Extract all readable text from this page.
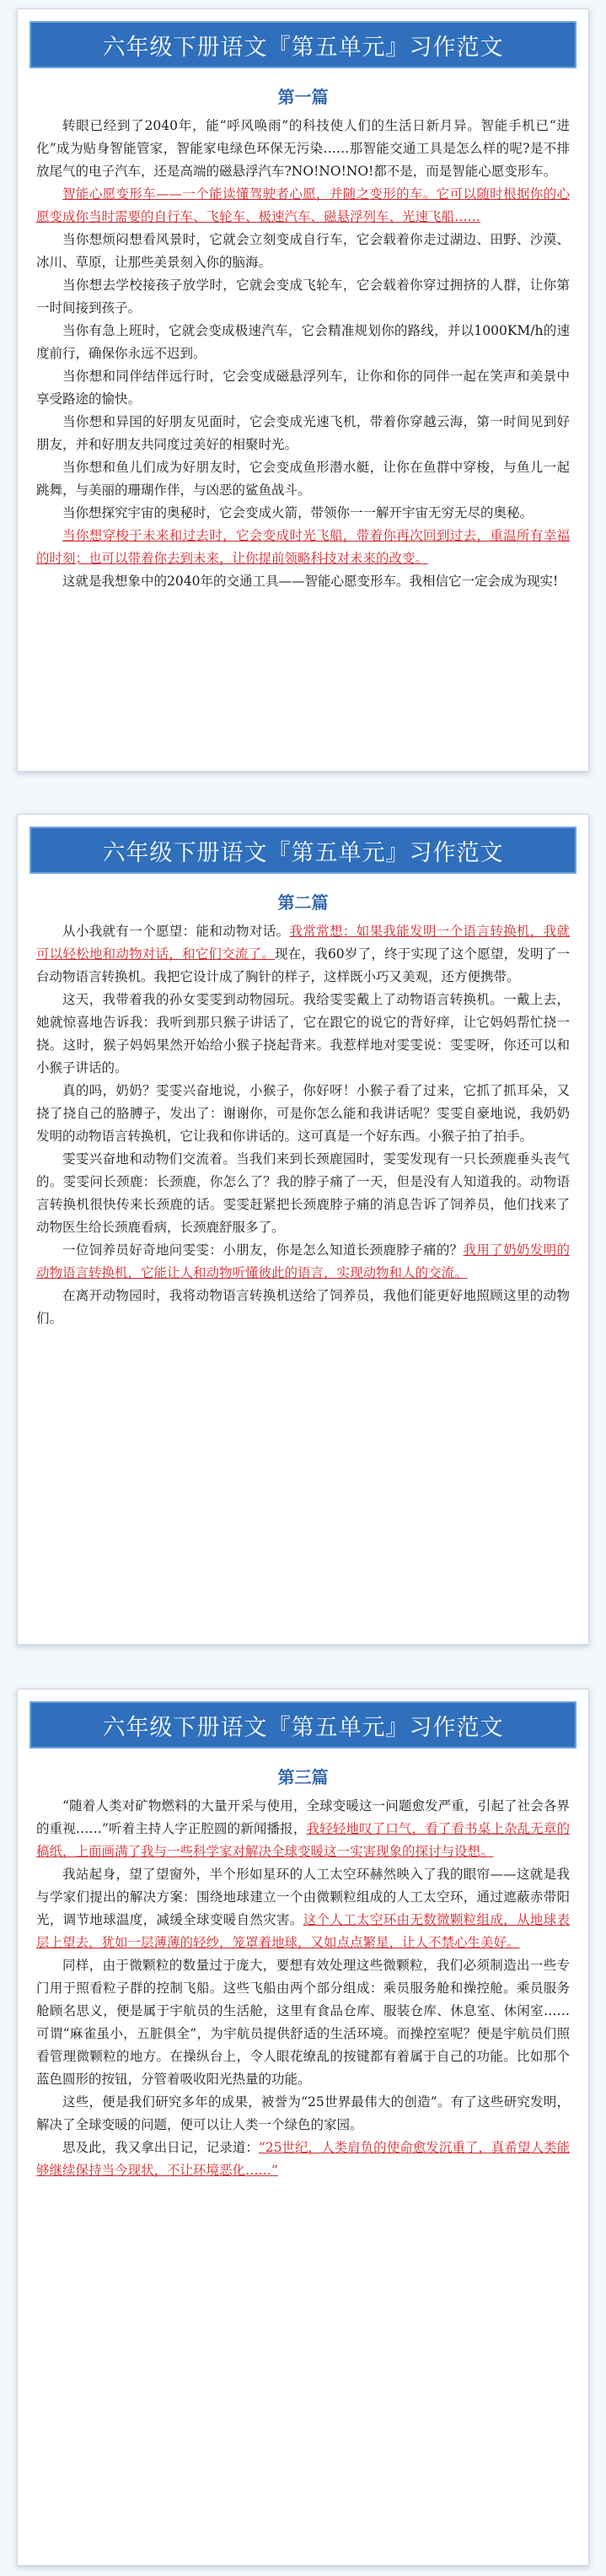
六年级下册语文『第五单元』习作范文
第一篇

转眼已经到了2040年，能“呼风唤雨”的科技使人们的生活日新月异。智能手机已“进化”成为贴身智能管家，智能家电绿色环保无污染……那智能交通工具是怎么样的呢?是不排放尾气的电子汽车，还是高端的磁悬浮汽车?NO!NO!NO!都不是，而是智能心愿变形车。

智能心愿变形车——一个能读懂驾驶者心愿，并随之变形的车。它可以随时根据你的心愿变成你当时需要的自行车、飞轮车、极速汽车、磁悬浮列车、光速飞船……

当你想烦闷想看风景时，它就会立刻变成自行车，它会载着你走过湖边、田野、沙漠、冰川、草原，让那些美景刻入你的脑海。

当你想去学校接孩子放学时，它就会变成飞轮车，它会载着你穿过拥挤的人群，让你第一时间接到孩子。

当你有急上班时，它就会变成极速汽车，它会精准规划你的路线，并以1000KM/h的速度前行，确保你永远不迟到。

当你想和同伴结伴远行时，它会变成磁悬浮列车，让你和你的同伴一起在笑声和美景中享受路途的愉快。

当你想和异国的好朋友见面时，它会变成光速飞机，带着你穿越云海，第一时间见到好朋友，并和好朋友共同度过美好的相聚时光。

当你想和鱼儿们成为好朋友时，它会变成鱼形潜水艇，让你在鱼群中穿梭，与鱼儿一起跳舞，与美丽的珊瑚作伴，与凶恶的鲨鱼战斗。

当你想探究宇宙的奥秘时，它会变成火箭，带领你一一解开宇宙无穷无尽的奥秘。

当你想穿梭于未来和过去时，它会变成时光飞船，带着你再次回到过去，重温所有幸福的时刻；也可以带着你去到未来，让你提前领略科技对未来的改变。

这就是我想象中的2040年的交通工具——智能心愿变形车。我相信它一定会成为现实!

六年级下册语文『第五单元』习作范文
第二篇

从小我就有一个愿望：能和动物对话。我常常想：如果我能发明一个语言转换机，我就可以轻松地和动物对话，和它们交流了。现在，我60岁了，终于实现了这个愿望，发明了一台动物语言转换机。我把它设计成了胸针的样子，这样既小巧又美观，还方便携带。

这天，我带着我的孙女雯雯到动物园玩。我给雯雯戴上了动物语言转换机。一戴上去，她就惊喜地告诉我：我听到那只猴子讲话了，它在跟它的说它的背好痒，让它妈妈帮忙挠一挠。这时，猴子妈妈果然开始给小猴子挠起背来。我惹样地对雯雯说：雯雯呀，你还可以和小猴子讲话的。

真的吗，奶奶？雯雯兴奋地说，小猴子，你好呀！小猴子看了过来，它抓了抓耳朵，又挠了挠自己的胳膊子，发出了：谢谢你，可是你怎么能和我讲话呢？雯雯自豪地说，我奶奶发明的动物语言转换机，它让我和你讲话的。这可真是一个好东西。小猴子拍了拍手。

雯雯兴奋地和动物们交流着。当我们来到长颈鹿园时，雯雯发现有一只长颈鹿垂头丧气的。雯雯问长颈鹿：长颈鹿，你怎么了？我的脖子痛了一天，但是没有人知道我的。动物语言转换机很快传来长颈鹿的话。雯雯赶紧把长颈鹿脖子痛的消息告诉了饲养员，他们找来了动物医生给长颈鹿看病，长颈鹿舒服多了。

一位饲养员好奇地问雯雯：小朋友，你是怎么知道长颈鹿脖子痛的？我用了奶奶发明的动物语言转换机，它能让人和动物听懂彼此的语言，实现动物和人的交流。

在离开动物园时，我将动物语言转换机送给了饲养员，我他们能更好地照顾这里的动物们。

六年级下册语文『第五单元』习作范文
第三篇

“随着人类对矿物燃料的大量开采与使用，全球变暖这一问题愈发严重，引起了社会各界的重视……”听着主持人字正腔圆的新闻播报，我轻轻地叹了口气，看了看书桌上杂乱无章的稿纸，上面画满了我与一些科学家对解决全球变暖这一实害现象的探讨与设想。

我站起身，望了望窗外，半个形如星环的人工太空环赫然映入了我的眼帘——这就是我与学家们提出的解决方案：围绕地球建立一个由微颗粒组成的人工太空环，通过遮蔽赤带阳光，调节地球温度，减缓全球变暖自然灾害。这个人工太空环由无数微颗粒组成，从地球表层上望去，犹如一层薄薄的轻纱，笼罩着地球，又如点点繁星，让人不禁心生美好。

同样，由于微颗粒的数量过于庞大，要想有效处理这些微颗粒，我们必须制造出一些专门用于照看粒子群的控制飞船。这些飞船由两个部分组成：乘员服务舱和操控舱。乘员服务舱顾名思义，便是属于宇航员的生活舱，这里有食品仓库、服装仓库、休息室、休闲室……可谓“麻雀虽小，五脏俱全”，为宇航员提供舒适的生活环境。而操控室呢？便是宇航员们照看管理微颗粒的地方。在操纵台上，令人眼花缭乱的按键都有着属于自己的功能。比如那个蓝色圆形的按钮，分管着吸收阳光热量的功能。

这些，便是我们研究多年的成果，被誉为“25世界最伟大的创造”。有了这些研究发明，解决了全球变暖的问题，便可以让人类一个绿色的家园。

思及此，我又拿出日记，记录道：“25世纪，人类肩负的使命愈发沉重了，真希望人类能够继续保持当今现状，不让环境恶化……”
